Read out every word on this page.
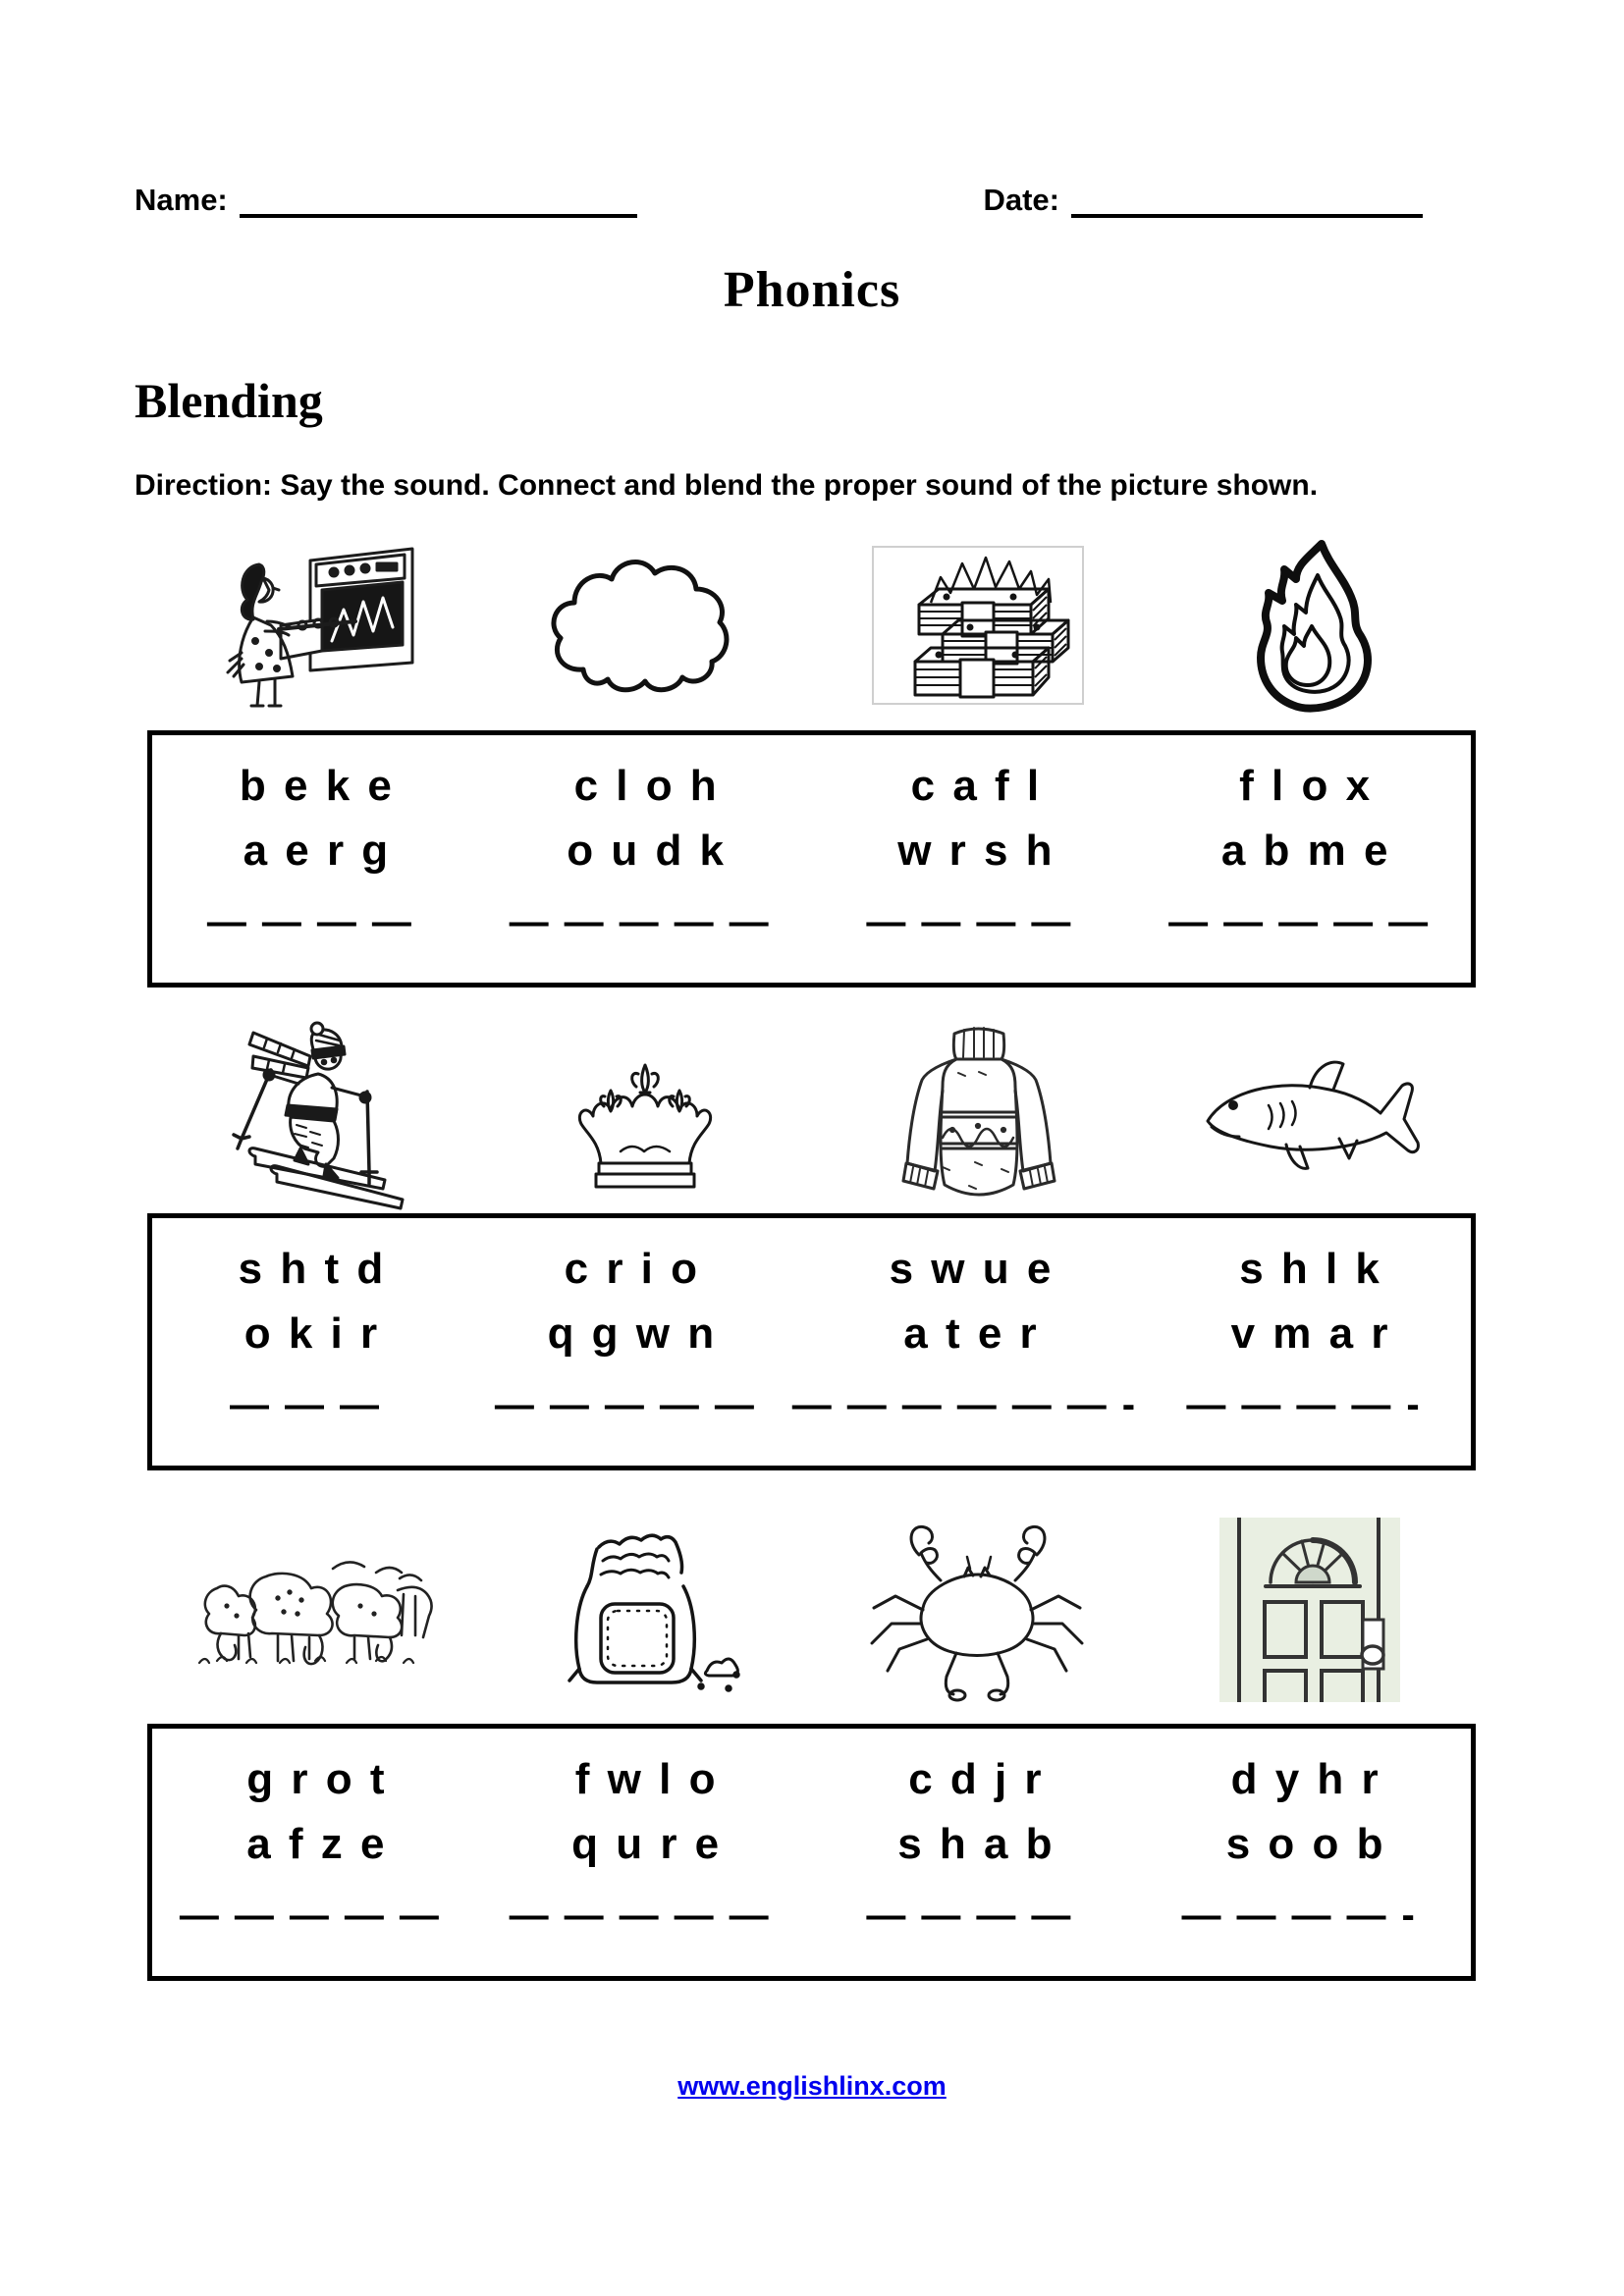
Name:	Date:
Phonics
Blending
Direction: Say the sound. Connect and blend the proper sound of the picture shown.
b e k e
a e r g
————
c l o h
o u d k
—————
c a f l
w r s h
————
f l o x
a b m e
—————
s h t d
o k i r
———
c r i o
q g w n
—————
s w u e
a t e r
——————-
s h l k
v m a r
————-
g r o t
a f z e
—————
f w l o
q u r e
—————
c d j r
s h a b
————
d y h r
s o o b
————-
www.englishlinx.com
